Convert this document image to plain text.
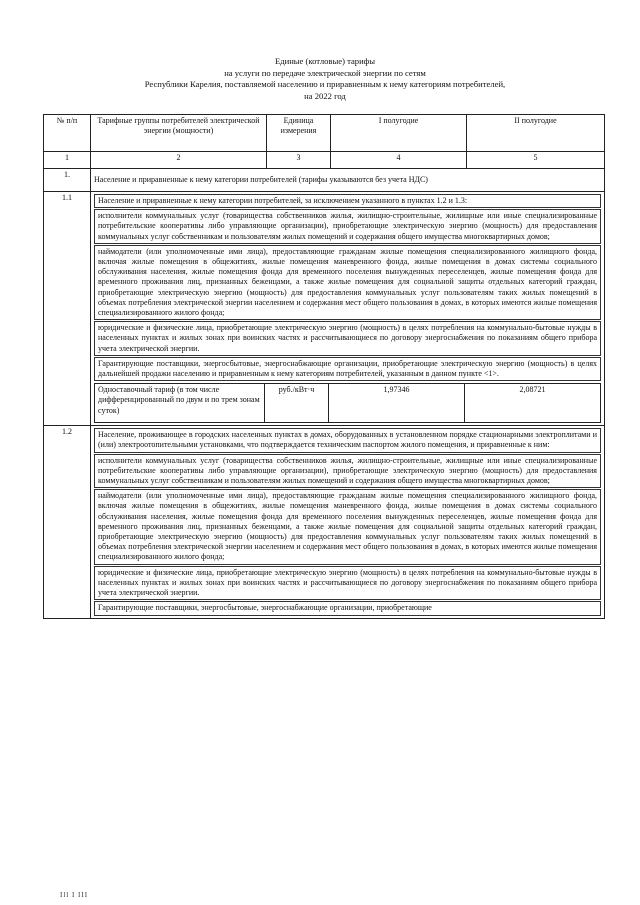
Единые (котловые) тарифы
на услуги по передаче электрической энергии по сетям
Республики Карелия, поставляемой населению и приравненным к нему категориям потребителей,
на 2022 год
№ п/п	Тарифные группы потребителей электрической энергии (мощности)	Единица измерения	I полугодие	II полугодие
1	2	3	4	5
1.	Население и приравненные к нему категории потребителей (тарифы указываются без учета НДС)
1.1	Население и приравненные к нему категории потребителей, за исключением указанного в пунктах 1.2 и 1.3:
исполнители коммунальных услуг (товарищества собственников жилья, жилищно-строительные, жилищные или иные специализированные потребительские кооперативы либо управляющие организации), приобретающие электрическую энергию (мощность) для предоставления коммунальных услуг собственникам и пользователям жилых помещений и содержания общего имущества многоквартирных домов;
наймодатели (или уполномоченные ими лица), предоставляющие гражданам жилые помещения специализированного жилищного фонда, включая жилые помещения в общежитиях, жилые помещения маневренного фонда, жилые помещения в домах системы социального обслуживания населения, жилые помещения фонда для временного поселения вынужденных переселенцев, жилые помещения фонда для временного проживания лиц, признанных беженцами, а также жилые помещения для социальной защиты отдельных категорий граждан, приобретающие электрическую энергию (мощность) для предоставления коммунальных услуг пользователям таких жилых помещений в объемах потребления электрической энергии населением и содержания мест общего пользования в домах, в которых имеются жилые помещения специализированного жилого фонда;
юридические и физические лица, приобретающие электрическую энергию (мощность) в целях потребления на коммунально-бытовые нужды в населенных пунктах и жилых зонах при воинских частях и рассчитывающиеся по договору энергоснабжения по показаниям общего прибора учета электрической энергии.
Гарантирующие поставщики, энергосбытовые, энергоснабжающие организации, приобретающие электрическую энергию (мощность) в целях дальнейшей продажи населению и приравненным к нему категориям потребителей, указанным в данном пункте <1>.
Одноставочный тариф (в том числе дифференцированный по двум и по трем зонам суток)	руб./кВт·ч	1,97346	2,08721

1.2	Население, проживающее в городских населенных пунктах в домах, оборудованных в установленном порядке стационарными электроплитами и (или) электроотопительными установками, что подтверждается техническим паспортом жилого помещения, и приравненные к ним:
исполнители коммунальных услуг (товарищества собственников жилья, жилищно-строительные, жилищные или иные специализированные потребительские кооперативы либо управляющие организации), приобретающие электрическую энергию (мощность) для предоставления коммунальных услуг собственникам и пользователям жилых помещений и содержания общего имущества многоквартирных домов;
наймодатели (или уполномоченные ими лица), предоставляющие гражданам жилые помещения специализированного жилищного фонда, включая жилые помещения в общежитиях, жилые помещения маневренного фонда, жилые помещения в домах системы социального обслуживания населения, жилые помещения фонда для временного поселения вынужденных переселенцев, жилые помещения фонда для временного проживания лиц, признанных беженцами, а также жилые помещения для социальной защиты отдельных категорий граждан, приобретающие электрическую энергию (мощность) для предоставления коммунальных услуг пользователям таких жилых помещений в объемах потребления электрической энергии населением и содержания мест общего пользования в домах, в которых имеются жилые помещения специализированного жилого фонда;
юридические и физические лица, приобретающие электрическую энергию (мощность) в целях потребления на коммунально-бытовые нужды в населенных пунктах и жилых зонах при воинских частях и рассчитывающиеся по договору энергоснабжения по показаниям общего прибора учета электрической энергии.
Гарантирующие поставщики, энергосбытовые, энергоснабжающие организации, приобретающие
Ill I III
